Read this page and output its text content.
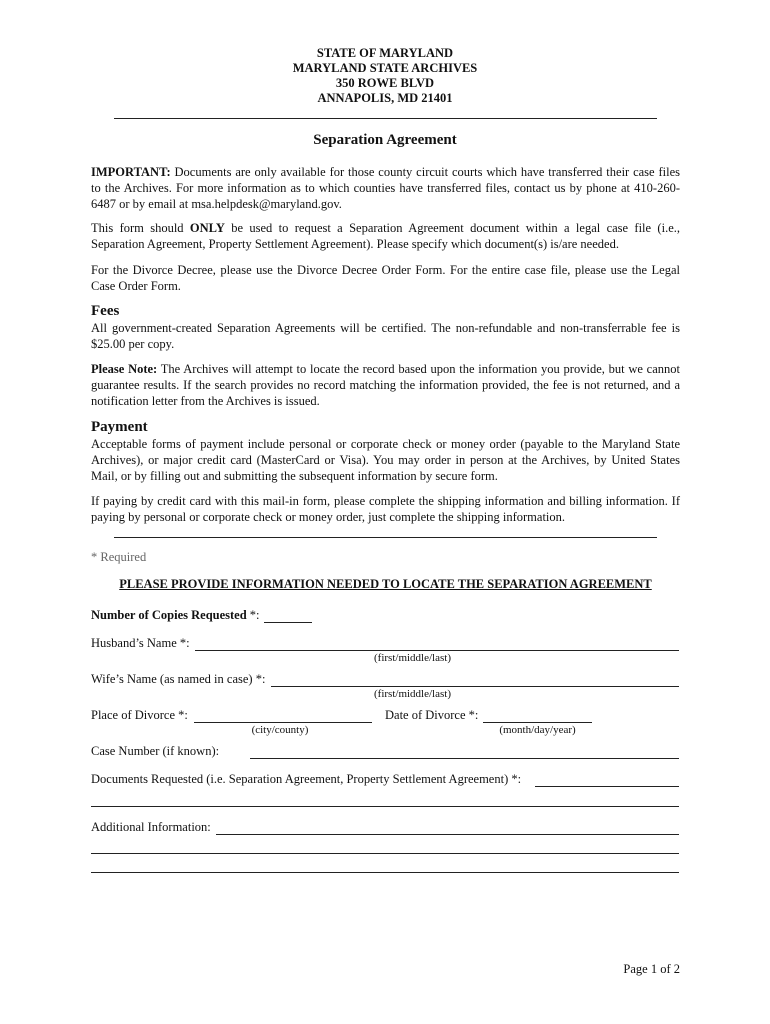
STATE OF MARYLAND
MARYLAND STATE ARCHIVES
350 ROWE BLVD
ANNAPOLIS, MD 21401
Separation Agreement
IMPORTANT: Documents are only available for those county circuit courts which have transferred their case files to the Archives. For more information as to which counties have transferred files, contact us by phone at 410-260-6487 or by email at msa.helpdesk@maryland.gov.
This form should ONLY be used to request a Separation Agreement document within a legal case file (i.e., Separation Agreement, Property Settlement Agreement). Please specify which document(s) is/are needed.
For the Divorce Decree, please use the Divorce Decree Order Form. For the entire case file, please use the Legal Case Order Form.
Fees
All government-created Separation Agreements will be certified. The non-refundable and non-transferrable fee is $25.00 per copy.
Please Note: The Archives will attempt to locate the record based upon the information you provide, but we cannot guarantee results. If the search provides no record matching the information provided, the fee is not returned, and a notification letter from the Archives is issued.
Payment
Acceptable forms of payment include personal or corporate check or money order (payable to the Maryland State Archives), or major credit card (MasterCard or Visa). You may order in person at the Archives, by United States Mail, or by filling out and submitting the subsequent information by secure form.
If paying by credit card with this mail-in form, please complete the shipping information and billing information. If paying by personal or corporate check or money order, just complete the shipping information.
* Required
PLEASE PROVIDE INFORMATION NEEDED TO LOCATE THE SEPARATION AGREEMENT
Number of Copies Requested *:
Husband’s Name *:
(first/middle/last)
Wife’s Name (as named in case) *:
(first/middle/last)
Place of Divorce *:
(city/county)
Date of Divorce *:
(month/day/year)
Case Number (if known):
Documents Requested (i.e. Separation Agreement, Property Settlement Agreement) *:
Additional Information:
Page 1 of 2
